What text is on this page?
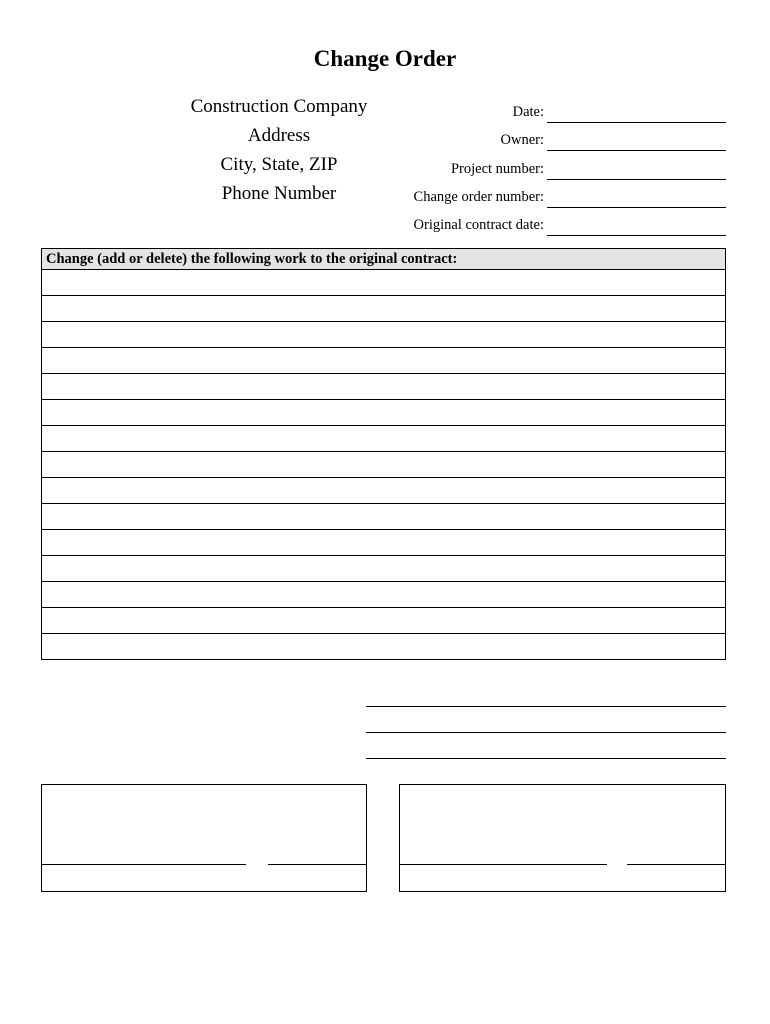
Change Order
Construction Company
Address
City, State, ZIP
Phone Number
Date:
Owner:
Project number:
Change order number:
Original contract date:
Change (add or delete) the following work to the original contract:
